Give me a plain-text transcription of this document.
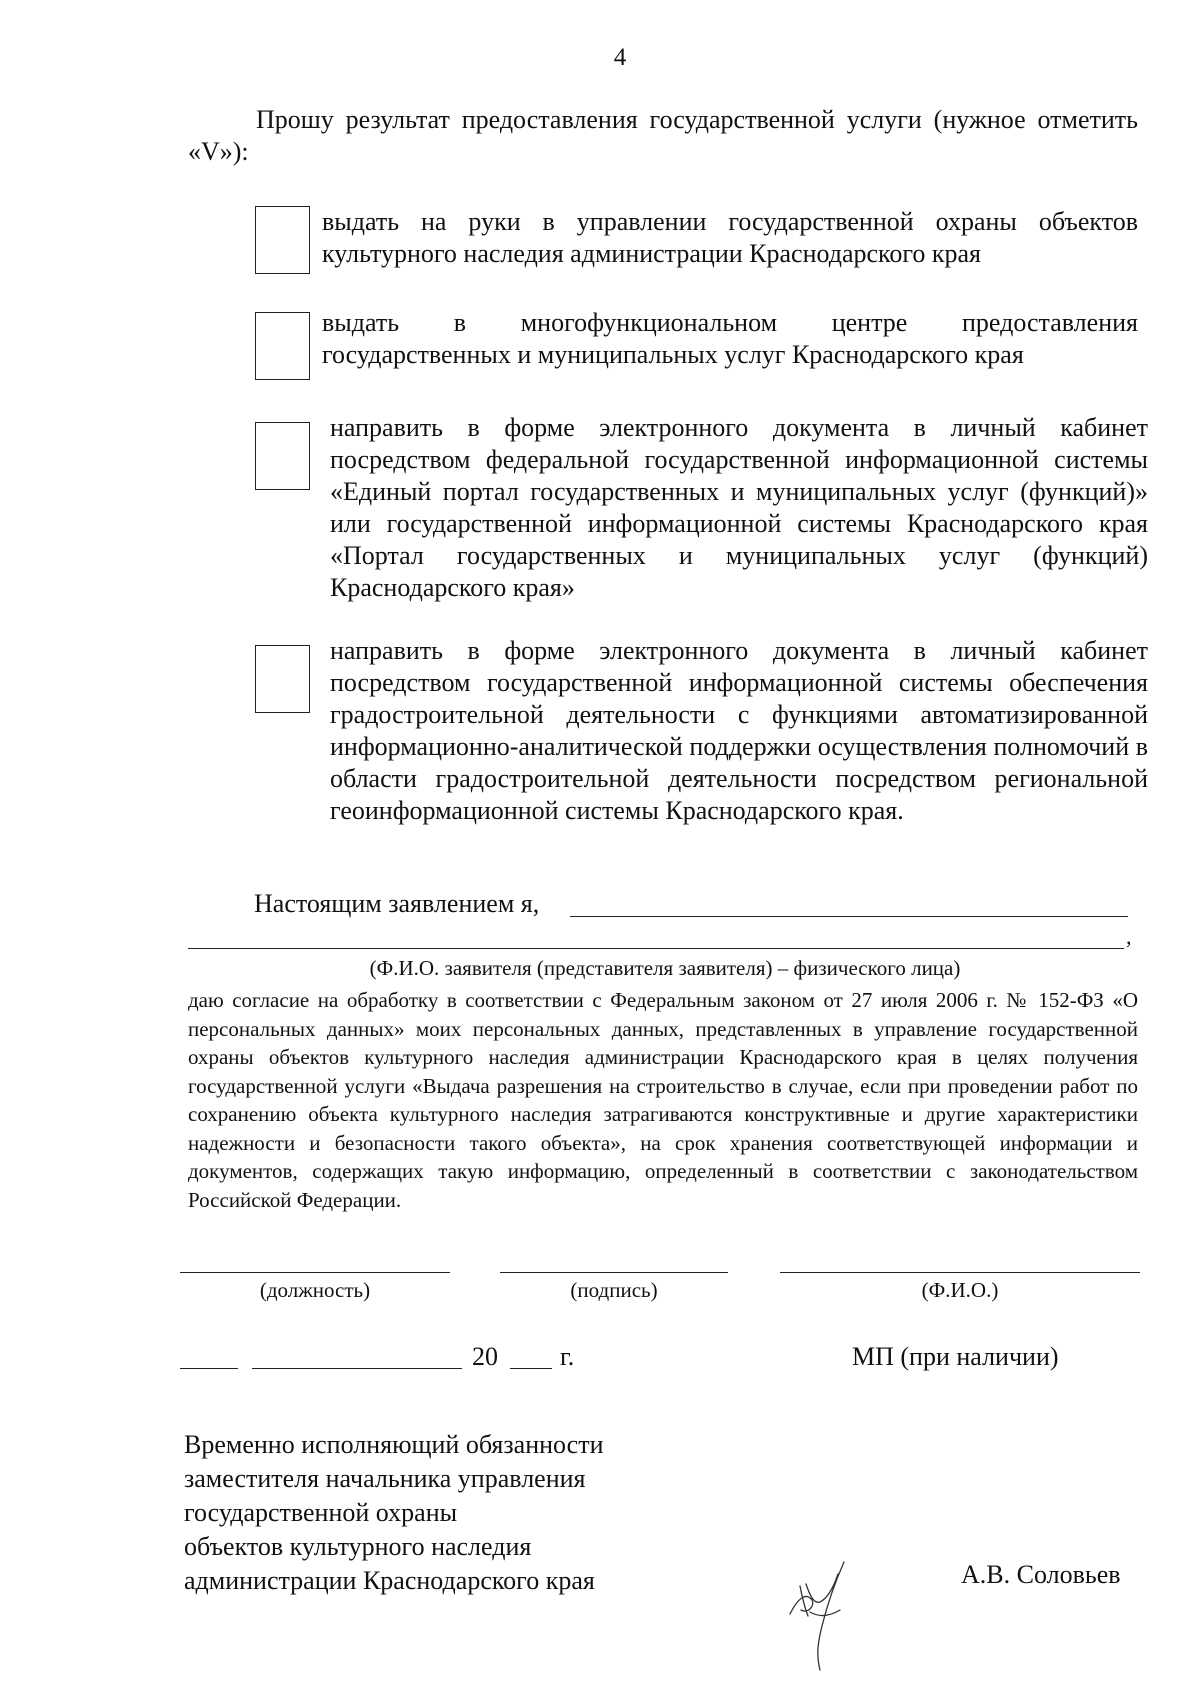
4
Прошу результат предоставления государственной услуги (нужное отметить «V»):
выдать на руки в управлении государственной охраны объектов культурного наследия администрации Краснодарского края
выдать в многофункциональном центре предоставления государственных и муниципальных услуг Краснодарского края
направить в форме электронного документа в личный кабинет посредством федеральной государственной информационной системы «Единый портал государственных и муниципальных услуг (функций)» или государственной информационной системы Краснодарского края «Портал государственных и муниципальных услуг (функций) Краснодарского края»
направить в форме электронного документа в личный кабинет посредством государственной информационной системы обеспечения градостроительной деятельности с функциями автоматизированной информационно-аналитической поддержки осуществления полномочий в области градостроительной деятельности посредством региональной геоинформационной системы Краснодарского края.
Настоящим заявлением я,
,
(Ф.И.О. заявителя (представителя заявителя) – физического лица)
даю согласие на обработку в соответствии с Федеральным законом от 27 июля 2006 г. № 152-ФЗ «О персональных данных» моих персональных данных, представленных в управление государственной охраны объектов культурного наследия администрации Краснодарского края в целях получения государственной услуги «Выдача разрешения на строительство в случае, если при проведении работ по сохранению объекта культурного наследия затрагиваются конструктивные и другие характеристики надежности и безопасности такого объекта», на срок хранения соответствующей информации и документов, содержащих такую информацию, определенный в соответствии с законодательством Российской Федерации.
(должность)	(подпись)	(Ф.И.О.)
20 г.	МП (при наличии)
Временно исполняющий обязанности
заместителя начальника управления
государственной охраны
объектов культурного наследия
администрации Краснодарского края	А.В. Соловьев
